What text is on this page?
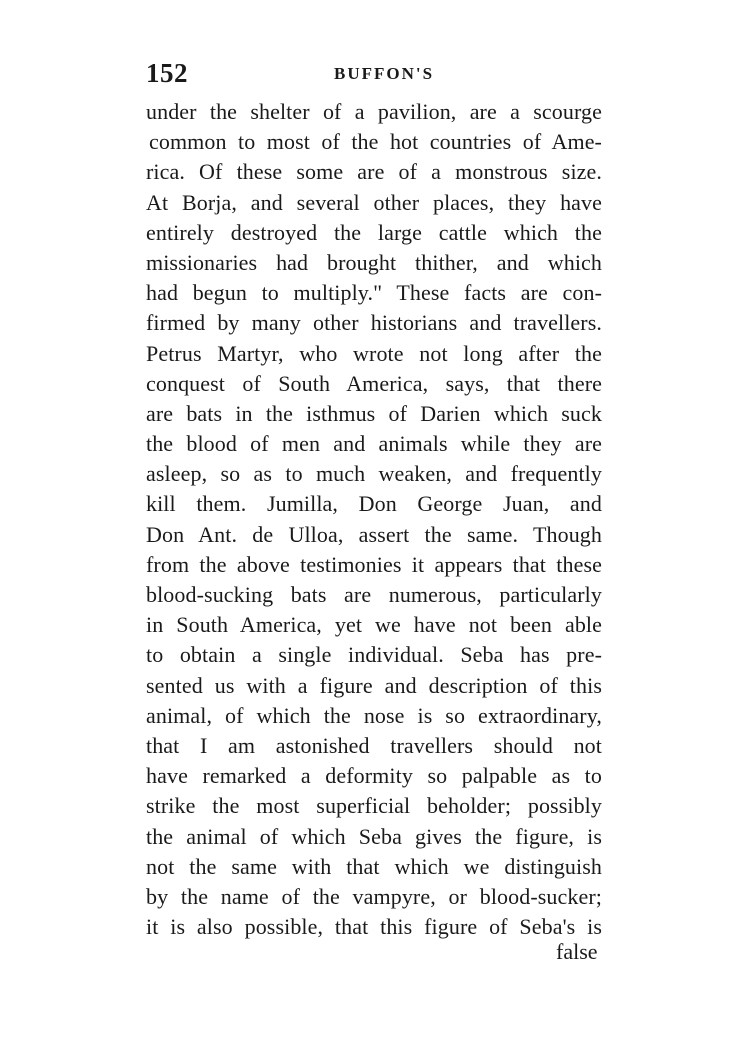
152	BUFFON'S
under the shelter of a pavilion, are a scourge
common to most of the hot countries of Ame-
rica. Of these some are of a monstrous size.
At Borja, and several other places, they have
entirely destroyed the large cattle which the
missionaries had brought thither, and which
had begun to multiply." These facts are con-
firmed by many other historians and travellers.
Petrus Martyr, who wrote not long after the
conquest of South America, says, that there
are bats in the isthmus of Darien which suck
the blood of men and animals while they are
asleep, so as to much weaken, and frequently
kill them. Jumilla, Don George Juan, and
Don Ant. de Ulloa, assert the same. Though
from the above testimonies it appears that these
blood-sucking bats are numerous, particularly
in South America, yet we have not been able
to obtain a single individual. Seba has pre-
sented us with a figure and description of this
animal, of which the nose is so extraordinary,
that I am astonished travellers should not
have remarked a deformity so palpable as to
strike the most superficial beholder; possibly
the animal of which Seba gives the figure, is
not the same with that which we distinguish
by the name of the vampyre, or blood-sucker;
it is also possible, that this figure of Seba's is
false
